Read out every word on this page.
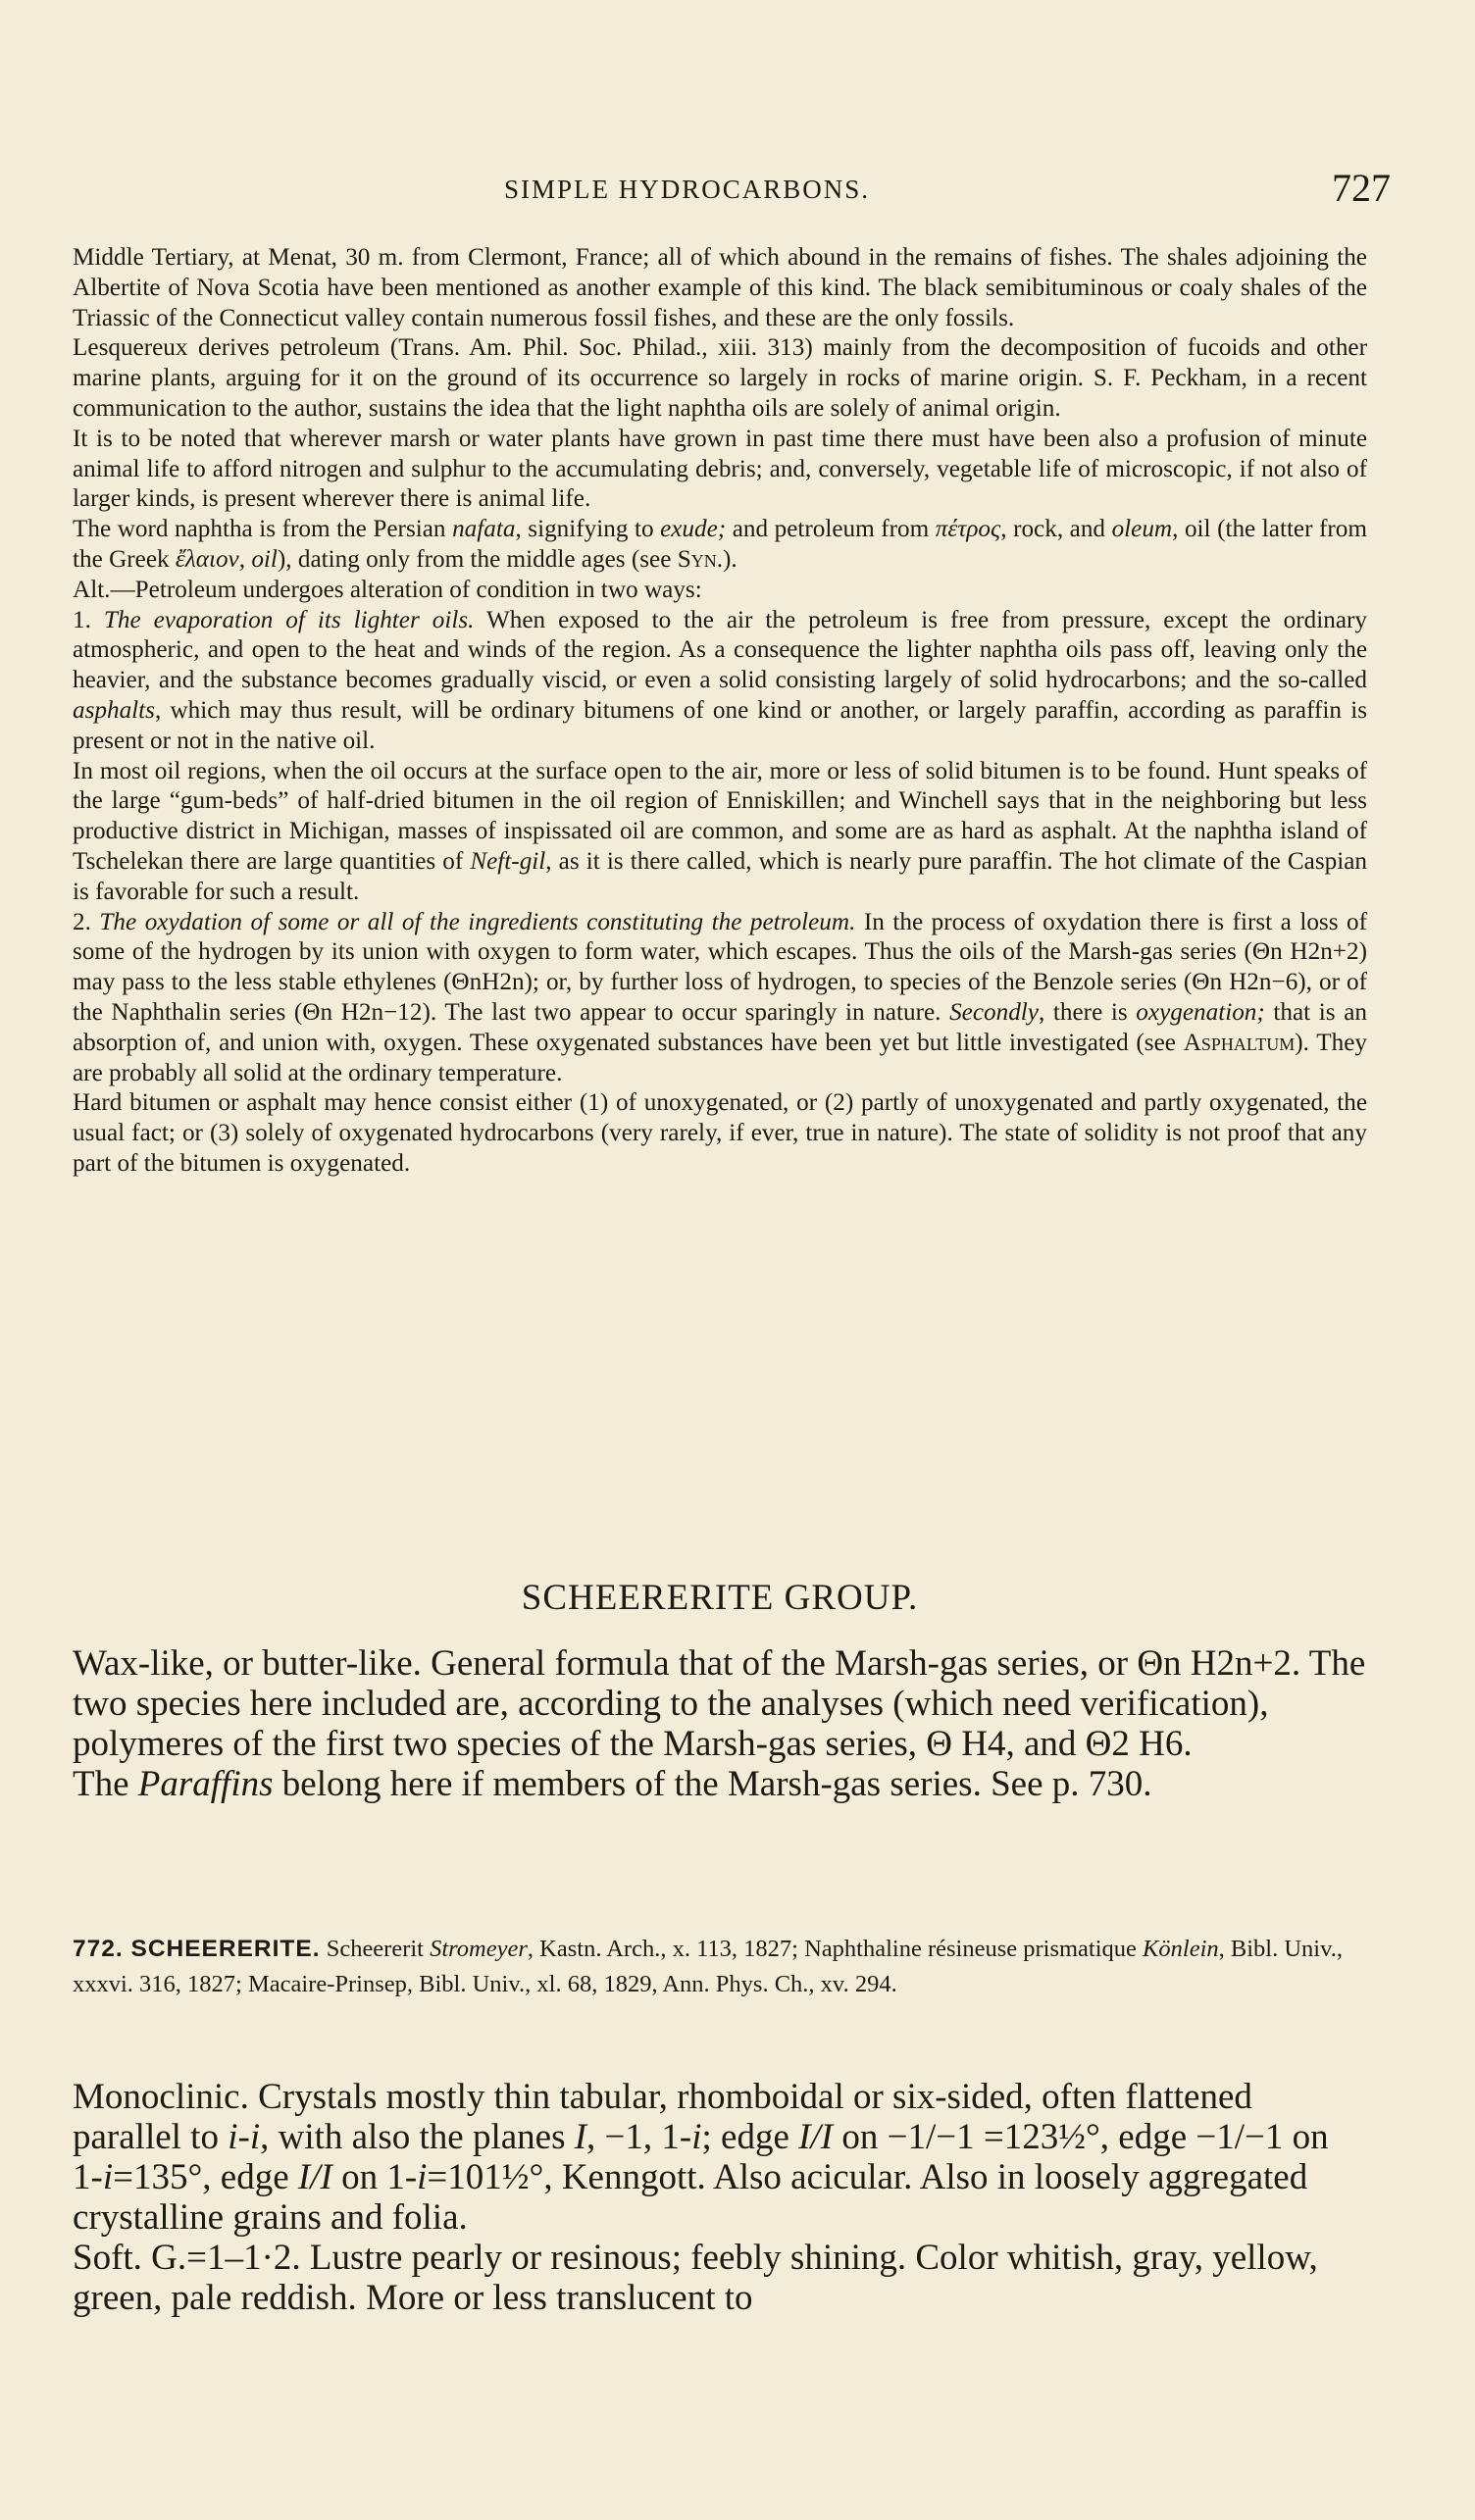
SIMPLE HYDROCARBONS.	727

Middle Tertiary, at Menat, 30 m. from Clermont, France; all of which abound in the remains of fishes. The shales adjoining the Albertite of Nova Scotia have been mentioned as another example of this kind. The black semibituminous or coaly shales of the Triassic of the Connecticut valley contain numerous fossil fishes, and these are the only fossils.

Lesquereux derives petroleum (Trans. Am. Phil. Soc. Philad., xiii. 313) mainly from the decomposition of fucoids and other marine plants, arguing for it on the ground of its occurrence so largely in rocks of marine origin. S. F. Peckham, in a recent communication to the author, sustains the idea that the light naphtha oils are solely of animal origin.

It is to be noted that wherever marsh or water plants have grown in past time there must have been also a profusion of minute animal life to afford nitrogen and sulphur to the accumulating debris; and, conversely, vegetable life of microscopic, if not also of larger kinds, is present wherever there is animal life.

The word naphtha is from the Persian nafata, signifying to exude; and petroleum from πέτρος, rock, and oleum, oil (the latter from the Greek ἔλαιον, oil), dating only from the middle ages (see Syn.).

Alt.—Petroleum undergoes alteration of condition in two ways:

1. The evaporation of its lighter oils. When exposed to the air the petroleum is free from pressure, except the ordinary atmospheric, and open to the heat and winds of the region. As a consequence the lighter naphtha oils pass off, leaving only the heavier, and the substance becomes gradually viscid, or even a solid consisting largely of solid hydrocarbons; and the so-called asphalts, which may thus result, will be ordinary bitumens of one kind or another, or largely paraffin, according as paraffin is present or not in the native oil.

In most oil regions, when the oil occurs at the surface open to the air, more or less of solid bitumen is to be found. Hunt speaks of the large “gum-beds” of half-dried bitumen in the oil region of Enniskillen; and Winchell says that in the neighboring but less productive district in Michigan, masses of inspissated oil are common, and some are as hard as asphalt. At the naphtha island of Tschelekan there are large quantities of Neft-gil, as it is there called, which is nearly pure paraffin. The hot climate of the Caspian is favorable for such a result.

2. The oxydation of some or all of the ingredients constituting the petroleum. In the process of oxydation there is first a loss of some of the hydrogen by its union with oxygen to form water, which escapes. Thus the oils of the Marsh-gas series (Θn H2n+2) may pass to the less stable ethylenes (ΘnH2n); or, by further loss of hydrogen, to species of the Benzole series (Θn H2n−6), or of the Naphthalin series (Θn H2n−12). The last two appear to occur sparingly in nature. Secondly, there is oxygenation; that is an absorption of, and union with, oxygen. These oxygenated substances have been yet but little investigated (see Asphaltum). They are probably all solid at the ordinary temperature.

Hard bitumen or asphalt may hence consist either (1) of unoxygenated, or (2) partly of unoxygenated and partly oxygenated, the usual fact; or (3) solely of oxygenated hydrocarbons (very rarely, if ever, true in nature). The state of solidity is not proof that any part of the bitumen is oxygenated.

SCHEERERITE GROUP.

Wax-like, or butter-like. General formula that of the Marsh-gas series, or Θn H2n+2. The two species here included are, according to the analyses (which need verification), polymeres of the first two species of the Marsh-gas series, Θ H4, and Θ2 H6.

The Paraffins belong here if members of the Marsh-gas series. See p. 730.

772. SCHEERERITE. Scheererit Stromeyer, Kastn. Arch., x. 113, 1827; Naphthaline résineuse prismatique Könlein, Bibl. Univ., xxxvi. 316, 1827; Macaire-Prinsep, Bibl. Univ., xl. 68, 1829, Ann. Phys. Ch., xv. 294.

Monoclinic. Crystals mostly thin tabular, rhomboidal or six-sided, often flattened parallel to i-i, with also the planes I, −1, 1-i; edge I/I on −1/−1 =123½°, edge −1/−1 on 1-i=135°, edge I/I on 1-i=101½°, Kenngott. Also acicular. Also in loosely aggregated crystalline grains and folia.

Soft. G.=1–1·2. Lustre pearly or resinous; feebly shining. Color whitish, gray, yellow, green, pale reddish. More or less translucent to
